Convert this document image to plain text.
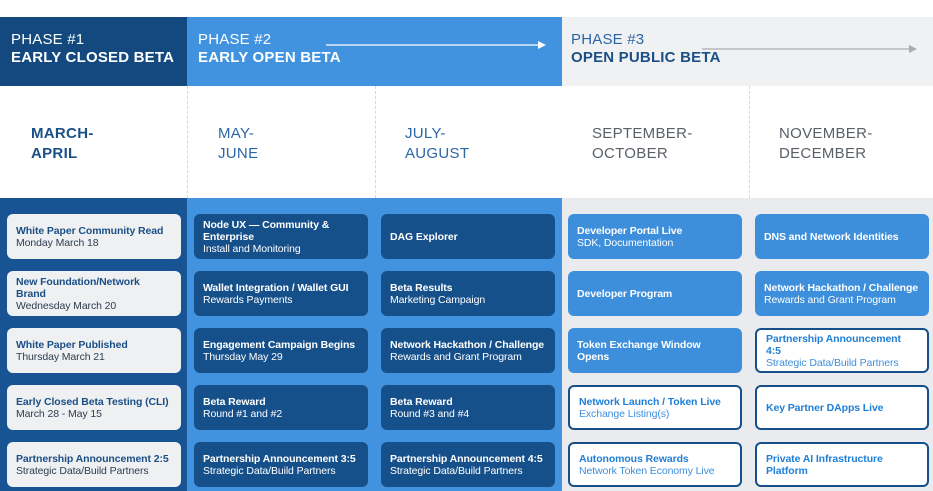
PHASE #1
EARLY CLOSED BETA
PHASE #2
EARLY OPEN BETA
PHASE #3
OPEN PUBLIC BETA
MARCH-
APRIL
MAY-
JUNE
JULY-
AUGUST
SEPTEMBER-
OCTOBER
NOVEMBER-
DECEMBER
White Paper Community Read
Monday March 18
New Foundation/Network Brand
Wednesday March 20
White Paper Published
Thursday March 21
Early Closed Beta Testing (CLI)
March 28 - May 15
Partnership Announcement 2:5
Strategic Data/Build Partners
Node UX — Community & Enterprise
Install and Monitoring
Wallet Integration / Wallet GUI
Rewards Payments
Engagement Campaign Begins
Thursday May 29
Beta Reward
Round #1 and #2
Partnership Announcement 3:5
Strategic Data/Build Partners
DAG Explorer
Beta Results
Marketing Campaign
Network Hackathon / Challenge
Rewards and Grant Program
Beta Reward
Round #3 and #4
Partnership Announcement 4:5
Strategic Data/Build Partners
Developer Portal Live
SDK, Documentation
Developer Program
Token Exchange Window Opens
Network Launch / Token Live
Exchange Listing(s)
Autonomous Rewards
Network Token Economy Live
DNS and Network Identities
Network Hackathon / Challenge
Rewards and Grant Program
Partnership Announcement 4:5
Strategic Data/Build Partners
Key Partner DApps Live
Private AI Infrastructure Platform
